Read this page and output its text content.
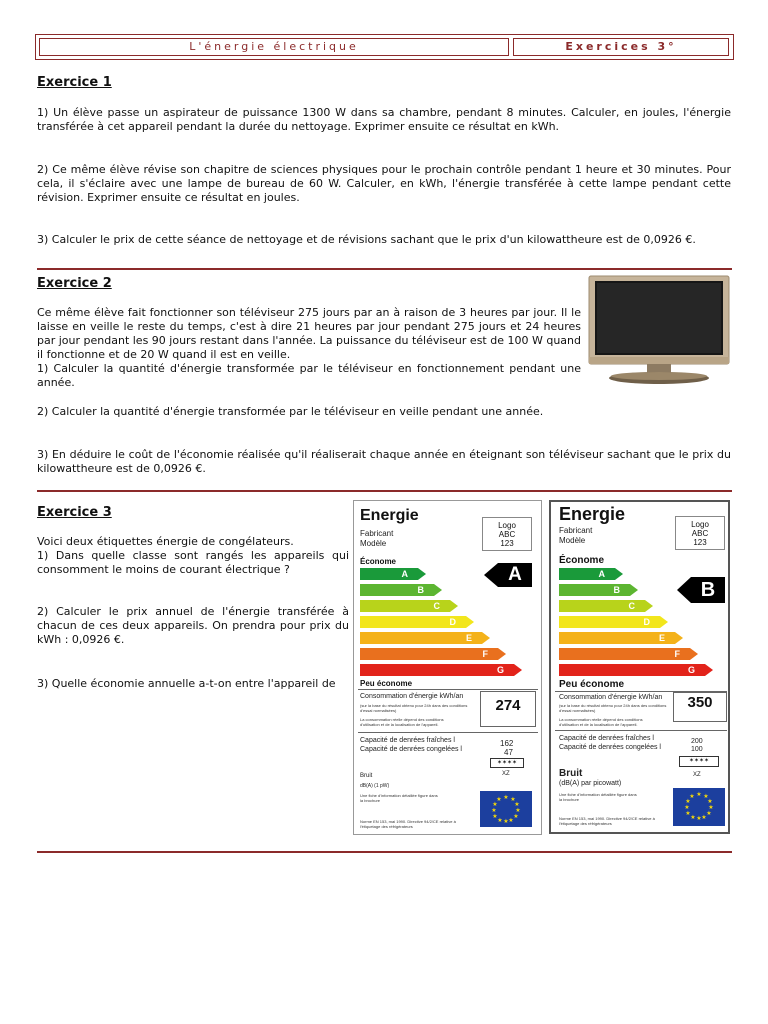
L'énergie électrique	Exercices 3°
Exercice 1

1) Un élève passe un aspirateur de puissance 1300 W dans sa chambre, pendant 8 minutes. Calculer, en joules, l'énergie transférée à cet appareil pendant la durée du nettoyage. Exprimer ensuite ce résultat en kWh.

2) Ce même élève révise son chapitre de sciences physiques pour le prochain contrôle pendant 1 heure et 30 minutes. Pour cela, il s'éclaire avec une lampe de bureau de 60 W. Calculer, en kWh, l'énergie transférée à cette lampe pendant cette révision. Exprimer ensuite ce résultat en joules.

3) Calculer le prix de cette séance de nettoyage et de révisions sachant que le prix d'un kilowattheure est de 0,0926 €.

Exercice 2

Ce même élève fait fonctionner son téléviseur 275 jours par an à raison de 3 heures par jour. Il le laisse en veille le reste du temps, c'est à dire 21 heures par jour pendant 275 jours et 24 heures par jour pendant les 90 jours restant dans l'année. La puissance du téléviseur est de 100 W quand il fonctionne et de 20 W quand il est en veille.

1) Calculer la quantité d'énergie transformée par le téléviseur en fonctionnement pendant une année.

2) Calculer la quantité d'énergie transformée par le téléviseur en veille pendant une année.

3) En déduire le coût de l'économie réalisée qu'il réaliserait chaque année en éteignant son téléviseur sachant que le prix du kilowattheure est de 0,0926 €.

Exercice 3

Voici deux étiquettes énergie de congélateurs.

1) Dans quelle classe sont rangés les appareils qui consomment le moins de courant électrique ?

2) Calculer le prix annuel de l'énergie transférée à chacun de ces deux appareils. On prendra pour prix du kWh : 0,0926 €.

3) Quelle économie annuelle a-t-on entre l'appareil de

Energie
Fabricant
Modèle
Logo
ABC
123
Économe
A
B
C
D
E
F
G
A
Peu économe
Consommation d'énergie kWh/an
(sur la base du résultat obtenu pour 24h dans des conditions d'essai normalisées)
La consommation réelle dépend des conditions d'utilisation et de la localisation de l'appareil.
274
Capacité de denrées fraîches l
Capacité de denrées congelées l
162
47
✶✶✶✶
XZ
Bruit
dB(A) (1 pW)
Une fiche d'information détaillée figure dans la brochure
Norme EN 153, mai 1990. Directive 94/2/CE relative à l'étiquetage des réfrigérateurs
★ ★
★
★
★
★
★
★
★
★
★
★
Energie
Fabricant
Modèle
Logo
ABC
123
Économe
A
B
C
D
E
F
G
B
Peu économe
Consommation d'énergie kWh/an
(sur la base du résultat obtenu pour 24h dans des conditions d'essai normalisées)
La consommation réelle dépend des conditions d'utilisation et de la localisation de l'appareil.
350
Capacité de denrées fraîches l
Capacité de denrées congelées l
200
100
✶✶✶✶
XZ
Bruit
(dB(A) par picowatt)
Une fiche d'information détaillée figure dans la brochure
Norme EN 153, mai 1990. Directive 94/2/CE relative à l'étiquetage des réfrigérateurs
★ ★
★
★
★
★
★
★
★
★
★
★
